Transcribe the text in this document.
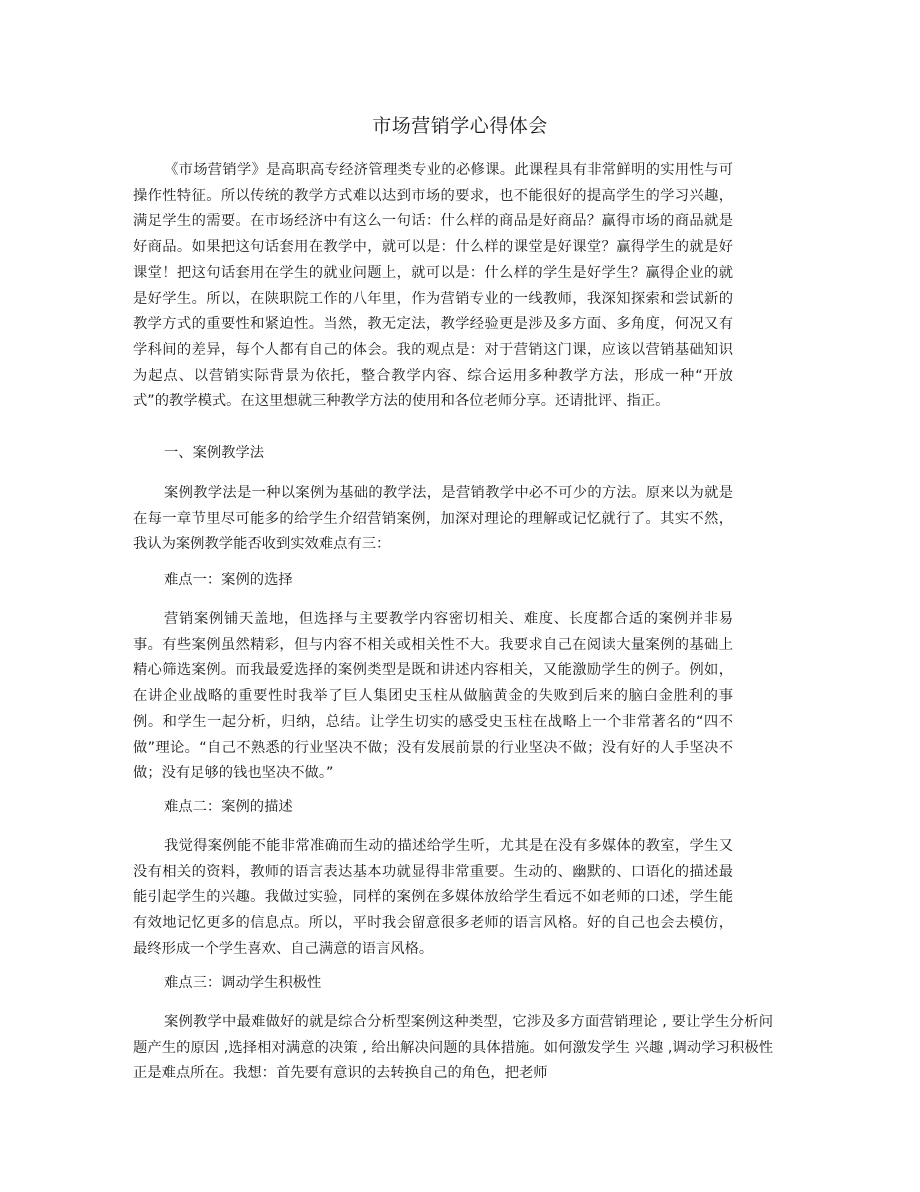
市场营销学心得体会

《市场营销学》是高职高专经济管理类专业的必修课。此课程具有非常鲜明的实用性与可操作性特征。所以传统的教学方式难以达到市场的要求，也不能很好的提高学生的学习兴趣，满足学生的需要。在市场经济中有这么一句话：什么样的商品是好商品？赢得市场的商品就是好商品。如果把这句话套用在教学中，就可以是：什么样的课堂是好课堂？赢得学生的就是好课堂！把这句话套用在学生的就业问题上，就可以是：什么样的学生是好学生？赢得企业的就是好学生。所以，在陕职院工作的八年里，作为营销专业的一线教师，我深知探索和尝试新的教学方式的重要性和紧迫性。当然，教无定法，教学经验更是涉及多方面、多角度，何况又有学科间的差异，每个人都有自己的体会。我的观点是：对于营销这门课，应该以营销基础知识为起点、以营销实际背景为依托，整合教学内容、综合运用多种教学方法，形成一种“开放式”的教学模式。在这里想就三种教学方法的使用和各位老师分享。还请批评、指正。

一、案例教学法

案例教学法是一种以案例为基础的教学法，是营销教学中必不可少的方法。原来以为就是在每一章节里尽可能多的给学生介绍营销案例，加深对理论的理解或记忆就行了。其实不然，我认为案例教学能否收到实效难点有三：

难点一：案例的选择

营销案例铺天盖地，但选择与主要教学内容密切相关、难度、长度都合适的案例并非易事。有些案例虽然精彩，但与内容不相关或相关性不大。我要求自己在阅读大量案例的基础上精心筛选案例。而我最爱选择的案例类型是既和讲述内容相关，又能激励学生的例子。例如，在讲企业战略的重要性时我举了巨人集团史玉柱从做脑黄金的失败到后来的脑白金胜利的事例。和学生一起分析，归纳，总结。让学生切实的感受史玉柱在战略上一个非常著名的“四不做”理论。“自己不熟悉的行业坚决不做；没有发展前景的行业坚决不做；没有好的人手坚决不做；没有足够的钱也坚决不做。”

难点二：案例的描述

我觉得案例能不能非常准确而生动的描述给学生听，尤其是在没有多媒体的教室，学生又没有相关的资料，教师的语言表达基本功就显得非常重要。生动的、幽默的、口语化的描述最能引起学生的兴趣。我做过实验，同样的案例在多媒体放给学生看远不如老师的口述，学生能有效地记忆更多的信息点。所以，平时我会留意很多老师的语言风格。好的自己也会去模仿，最终形成一个学生喜欢、自己满意的语言风格。

难点三：调动学生积极性

案例教学中最难做好的就是综合分析型案例这种类型，它涉及多方面营销理论 , 要让学生分析问题产生的原因 ,选择相对满意的决策 , 给出解决问题的具体措施。如何激发学生 兴趣 ,调动学习积极性正是难点所在。我想：首先要有意识的去转换自己的角色，把老师
